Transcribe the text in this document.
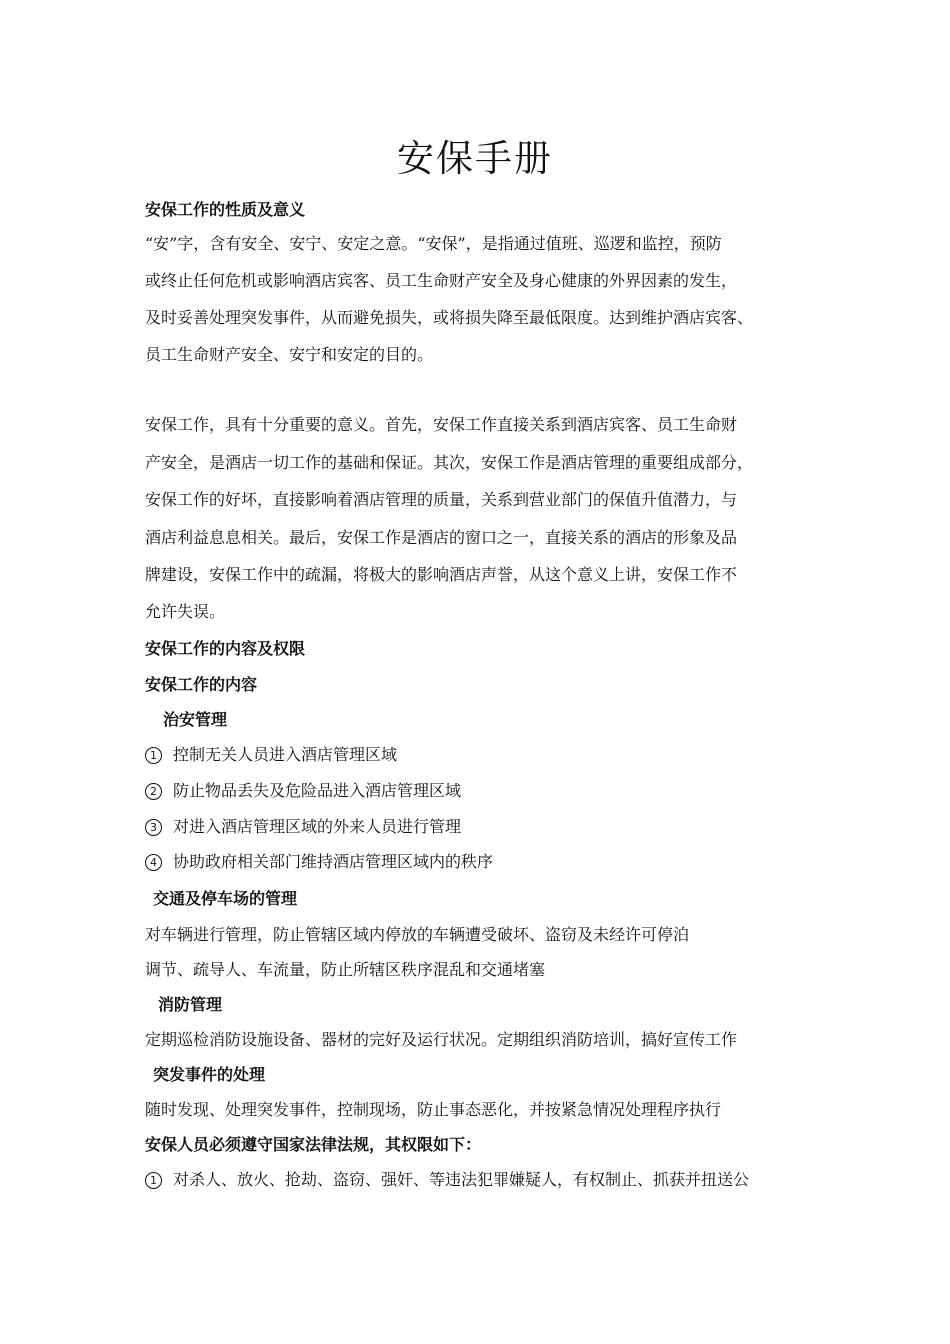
安保手册
安保工作的性质及意义
“安”字，含有安全、安宁、安定之意。“安保”，是指通过值班、巡逻和监控，预防
或终止任何危机或影响酒店宾客、员工生命财产安全及身心健康的外界因素的发生，
及时妥善处理突发事件，从而避免损失，或将损失降至最低限度。达到维护酒店宾客、
员工生命财产安全、安宁和安定的目的。
安保工作，具有十分重要的意义。首先，安保工作直接关系到酒店宾客、员工生命财
产安全，是酒店一切工作的基础和保证。其次，安保工作是酒店管理的重要组成部分，
安保工作的好坏，直接影响着酒店管理的质量，关系到营业部门的保值升值潜力，与
酒店利益息息相关。最后，安保工作是酒店的窗口之一，直接关系的酒店的形象及品
牌建设，安保工作中的疏漏，将极大的影响酒店声誉，从这个意义上讲，安保工作不
允许失误。
安保工作的内容及权限
安保工作的内容
治安管理
1	控制无关人员进入酒店管理区域
2	防止物品丢失及危险品进入酒店管理区域
3	对进入酒店管理区域的外来人员进行管理
4	协助政府相关部门维持酒店管理区域内的秩序
交通及停车场的管理
对车辆进行管理，防止管辖区域内停放的车辆遭受破坏、盗窃及未经许可停泊
调节、疏导人、车流量，防止所辖区秩序混乱和交通堵塞
消防管理
定期巡检消防设施设备、器材的完好及运行状况。定期组织消防培训，搞好宣传工作
突发事件的处理
随时发现、处理突发事件，控制现场，防止事态恶化，并按紧急情况处理程序执行
安保人员必须遵守国家法律法规，其权限如下：
1	对杀人、放火、抢劫、盗窃、强奸、等违法犯罪嫌疑人，有权制止、抓获并扭送公
